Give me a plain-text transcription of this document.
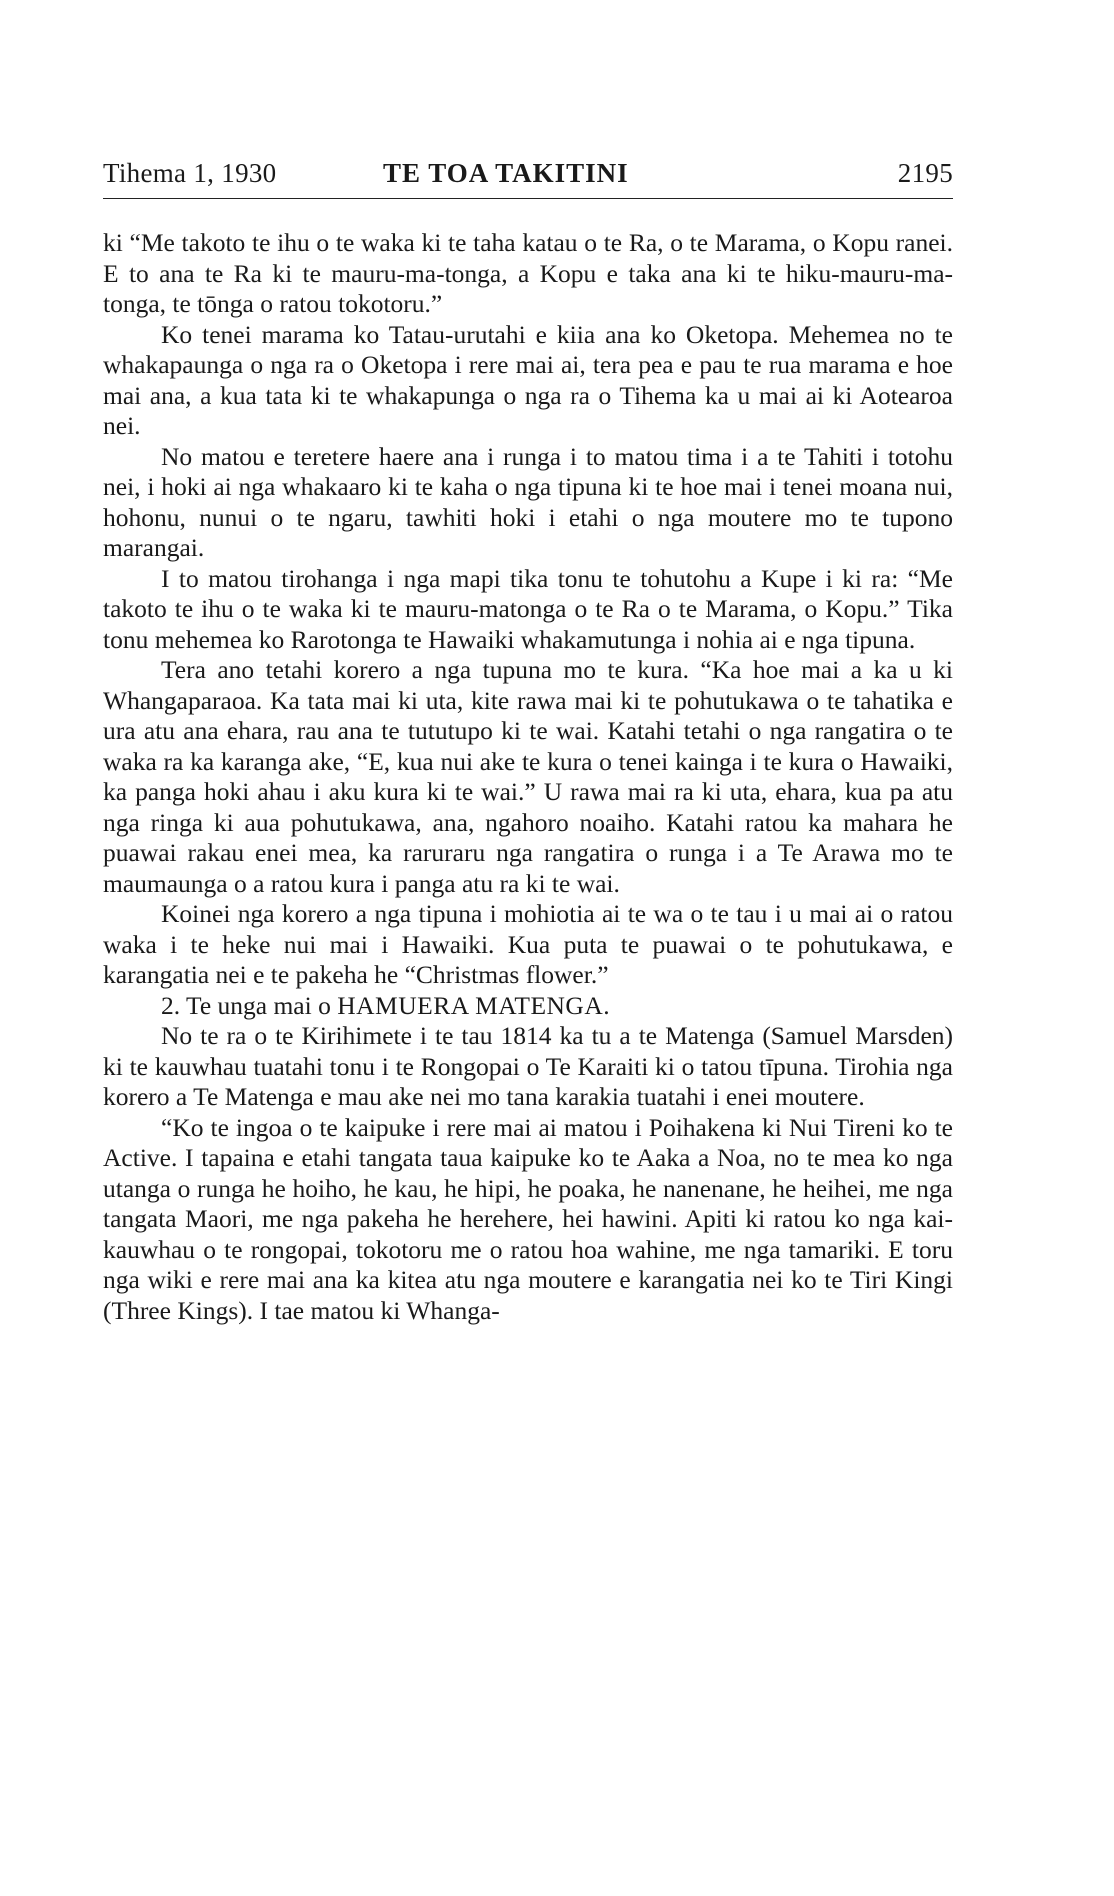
Tihema 1, 1930	TE TOA TAKITINI	2195

ki “Me takoto te ihu o te waka ki te taha katau o te Ra, o te Marama, o Kopu ranei. E to ana te Ra ki te mauru-ma-tonga, a Kopu e taka ana ki te hiku-mauru-ma-tonga, te tōnga o ratou tokotoru.”

Ko tenei marama ko Tatau-urutahi e kiia ana ko Oketopa. Mehemea no te whakapaunga o nga ra o Oketopa i rere mai ai, tera pea e pau te rua marama e hoe mai ana, a kua tata ki te whakapunga o nga ra o Tihema ka u mai ai ki Aotearoa nei.

No matou e teretere haere ana i runga i to matou tima i a te Tahiti i totohu nei, i hoki ai nga whakaaro ki te kaha o nga tipuna ki te hoe mai i tenei moana nui, hohonu, nunui o te ngaru, tawhiti hoki i etahi o nga moutere mo te tupono marangai.

I to matou tirohanga i nga mapi tika tonu te tohutohu a Kupe i ki ra: “Me takoto te ihu o te waka ki te mauru-matonga o te Ra o te Marama, o Kopu.” Tika tonu mehemea ko Rarotonga te Hawaiki whakamutunga i nohia ai e nga tipuna.

Tera ano tetahi korero a nga tupuna mo te kura. “Ka hoe mai a ka u ki Whangaparaoa. Ka tata mai ki uta, kite rawa mai ki te pohutukawa o te tahatika e ura atu ana ehara, rau ana te tututupo ki te wai. Katahi tetahi o nga rangatira o te waka ra ka karanga ake, “E, kua nui ake te kura o tenei kainga i te kura o Hawaiki, ka panga hoki ahau i aku kura ki te wai.” U rawa mai ra ki uta, ehara, kua pa atu nga ringa ki aua pohutukawa, ana, ngahoro noaiho. Katahi ratou ka mahara he puawai rakau enei mea, ka raruraru nga rangatira o runga i a Te Arawa mo te maumaunga o a ratou kura i panga atu ra ki te wai.

Koinei nga korero a nga tipuna i mohiotia ai te wa o te tau i u mai ai o ratou waka i te heke nui mai i Hawaiki. Kua puta te puawai o te pohutukawa, e karangatia nei e te pakeha he “Christmas flower.”

2. Te unga mai o HAMUERA MATENGA.

No te ra o te Kirihimete i te tau 1814 ka tu a te Matenga (Samuel Marsden) ki te kauwhau tuatahi tonu i te Rongopai o Te Karaiti ki o tatou tīpuna. Tirohia nga korero a Te Matenga e mau ake nei mo tana karakia tuatahi i enei moutere.

“Ko te ingoa o te kaipuke i rere mai ai matou i Poihakena ki Nui Tireni ko te Active. I tapaina e etahi tangata taua kaipuke ko te Aaka a Noa, no te mea ko nga utanga o runga he hoiho, he kau, he hipi, he poaka, he nanenane, he heihei, me nga tangata Maori, me nga pakeha he herehere, hei hawini. Apiti ki ratou ko nga kai-kauwhau o te rongopai, tokotoru me o ratou hoa wahine, me nga tamariki. E toru nga wiki e rere mai ana ka kitea atu nga moutere e karangatia nei ko te Tiri Kingi (Three Kings). I tae matou ki Whanga-
